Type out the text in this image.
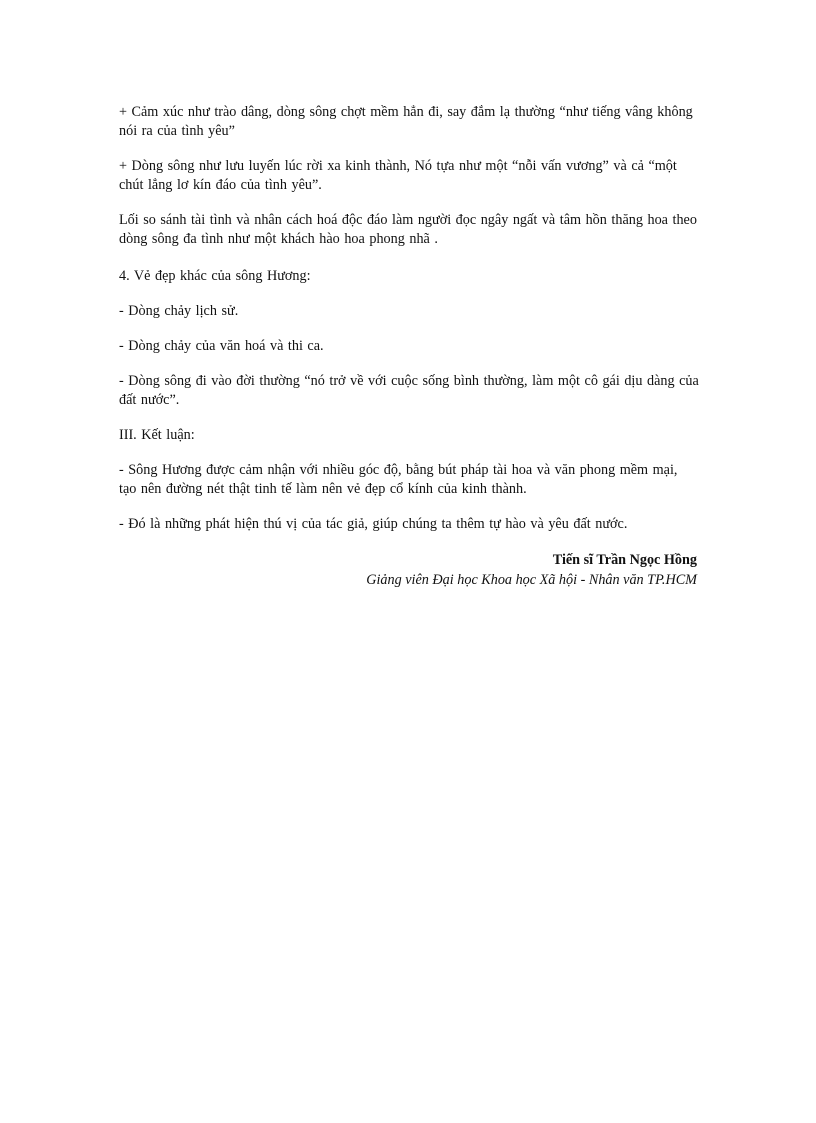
+ Cảm xúc như trào dâng, dòng sông chợt mềm hẳn đi, say đắm lạ thường “như tiếng vâng không nói ra của tình yêu”

+ Dòng sông như lưu luyến lúc rời xa kinh thành, Nó tựa như một “nỗi vấn vương” và cả “một chút lẳng lơ kín đáo của tình yêu”.

Lối so sánh tài tình và nhân cách hoá độc đáo làm người đọc ngây ngất và tâm hồn thăng hoa theo dòng sông đa tình như một khách hào hoa phong nhã .

4. Vẻ đẹp khác của sông Hương:

- Dòng chảy lịch sử.

- Dòng chảy của văn hoá và thi ca.

- Dòng sông đi vào đời thường “nó trở về với cuộc sống bình thường, làm một cô gái dịu dàng của đất nước”.

III. Kết luận:

- Sông Hương được cảm nhận với nhiều góc độ, bằng bút pháp tài hoa và văn phong mềm mại, tạo nên đường nét thật tinh tế làm nên vẻ đẹp cổ kính của kinh thành.

- Đó là những phát hiện thú vị của tác giả, giúp chúng ta thêm tự hào và yêu đất nước.

Tiến sĩ Trần Ngọc Hồng
Giảng viên Đại học Khoa học Xã hội - Nhân văn TP.HCM
